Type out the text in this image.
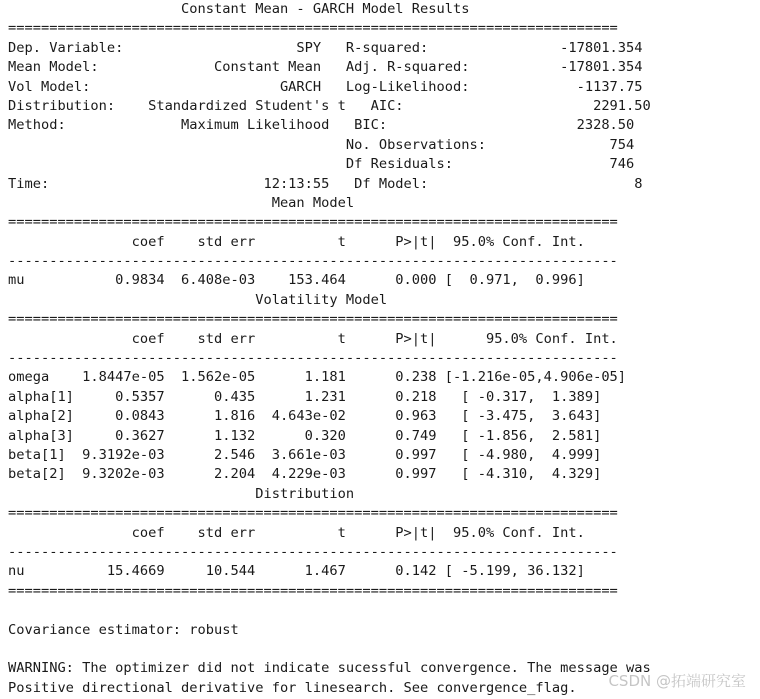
Constant Mean - GARCH Model Results
==========================================================================
Dep. Variable:                     SPY   R-squared:                -17801.354
Mean Model:              Constant Mean   Adj. R-squared:           -17801.354
Vol Model:                       GARCH   Log-Likelihood:             -1137.75
Distribution:    Standardized Student's t   AIC:                       2291.50
Method:              Maximum Likelihood   BIC:                       2328.50
No. Observations:               754
Df Residuals:                   746
Time:                          12:13:55   Df Model:                         8
Mean Model
==========================================================================
coef    std err          t      P>|t|  95.0% Conf. Int.
--------------------------------------------------------------------------
mu           0.9834  6.408e-03    153.464      0.000 [  0.971,  0.996]
Volatility Model
==========================================================================
coef    std err          t      P>|t|      95.0% Conf. Int.
--------------------------------------------------------------------------
omega    1.8447e-05  1.562e-05      1.181      0.238 [-1.216e-05,4.906e-05]
alpha[1]     0.5357      0.435      1.231      0.218   [ -0.317,  1.389]
alpha[2]     0.0843      1.816  4.643e-02      0.963   [ -3.475,  3.643]
alpha[3]     0.3627      1.132      0.320      0.749   [ -1.856,  2.581]
beta[1]  9.3192e-03      2.546  3.661e-03      0.997   [ -4.980,  4.999]
beta[2]  9.3202e-03      2.204  4.229e-03      0.997   [ -4.310,  4.329]
Distribution
==========================================================================
coef    std err          t      P>|t|  95.0% Conf. Int.
--------------------------------------------------------------------------
nu          15.4669     10.544      1.467      0.142 [ -5.199, 36.132]
==========================================================================
Covariance estimator: robust
WARNING: The optimizer did not indicate sucessful convergence. The message was
Positive directional derivative for linesearch. See convergence_flag.	CSDN @拓端研究室
